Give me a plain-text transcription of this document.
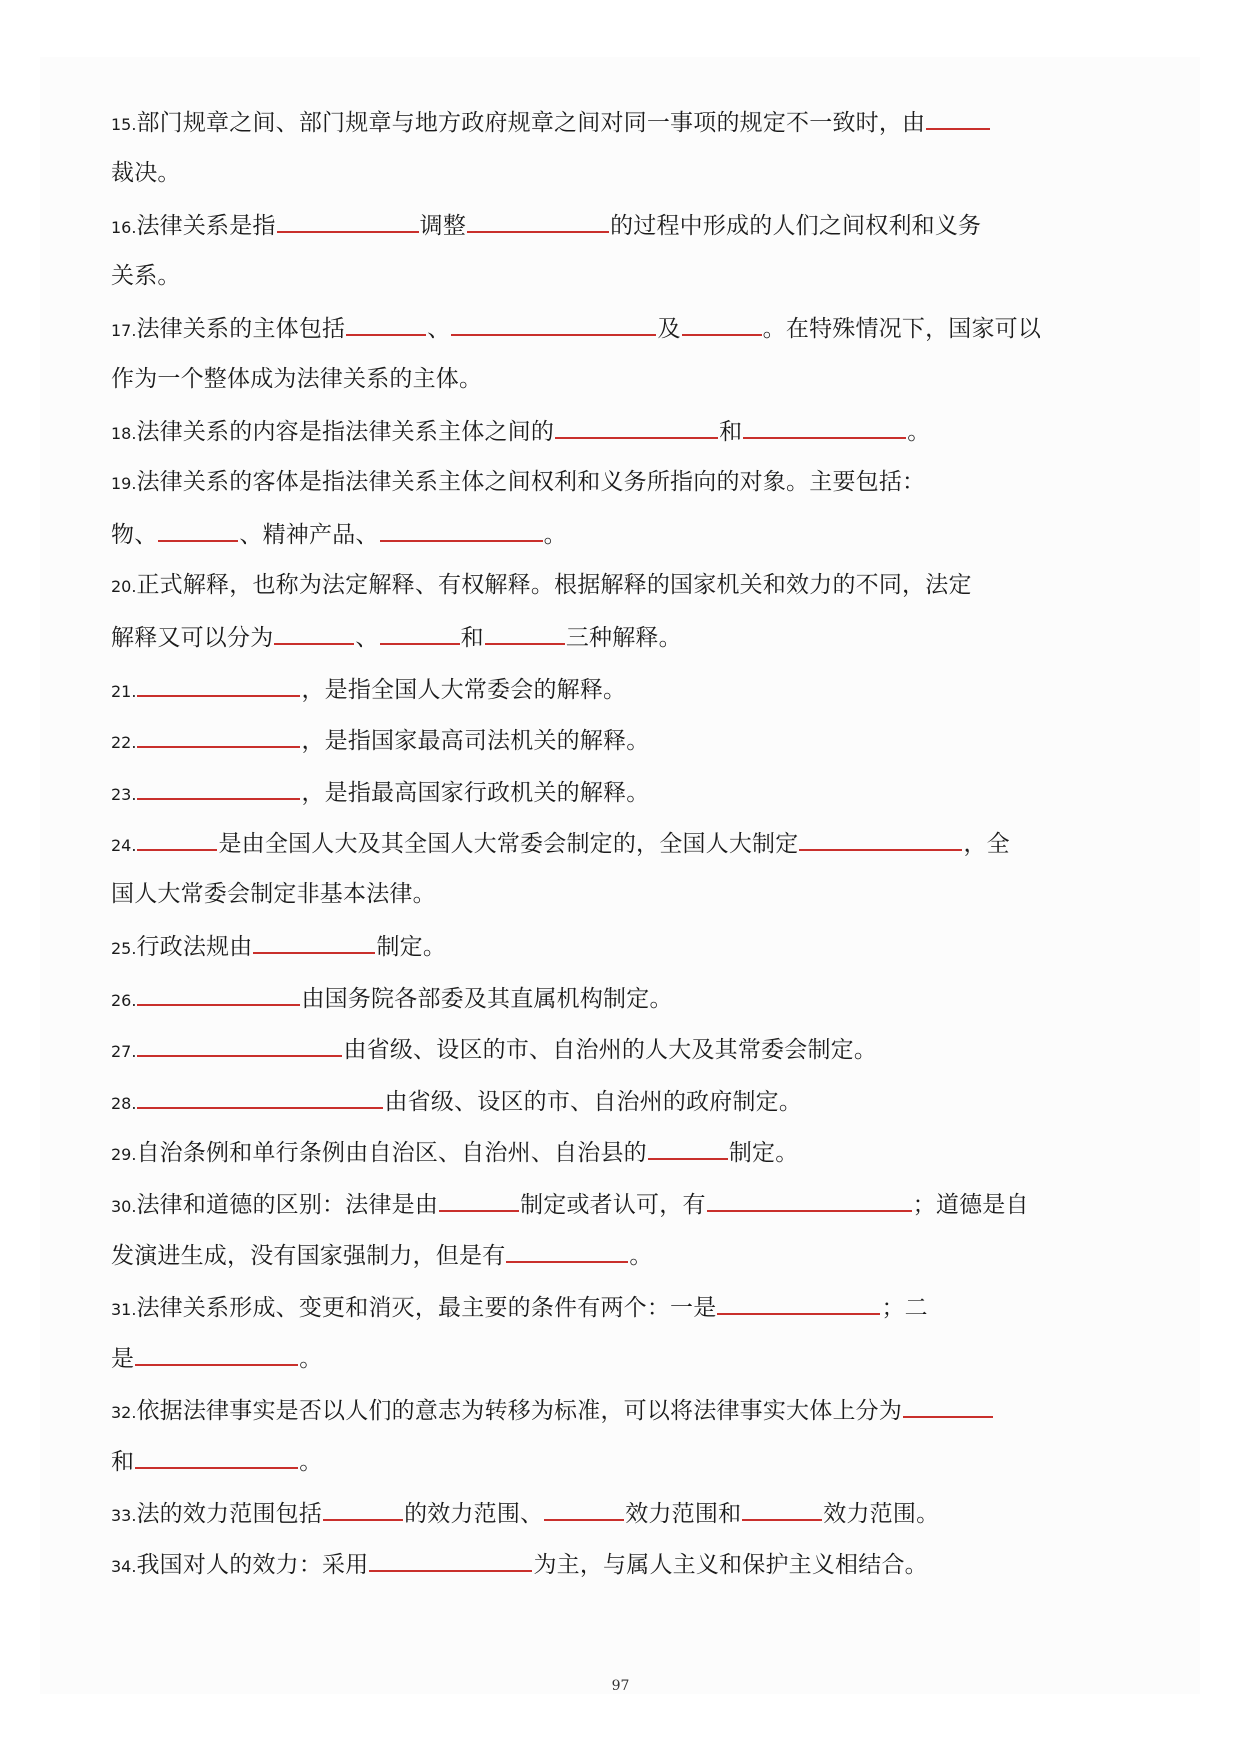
15.部门规章之间、部门规章与地方政府规章之间对同一事项的规定不一致时，由
裁决。
16.法律关系是指	调整	的过程中形成的人们之间权利和义务
关系。
17.法律关系的主体包括	、	及	。在特殊情况下，国家可以
作为一个整体成为法律关系的主体。
18.法律关系的内容是指法律关系主体之间的	和	。
19.法律关系的客体是指法律关系主体之间权利和义务所指向的对象。主要包括：
物、	、精神产品、	。
20.正式解释，也称为法定解释、有权解释。根据解释的国家机关和效力的不同，法定
解释又可以分为	、	和	三种解释。
21.	，是指全国人大常委会的解释。
22.	，是指国家最高司法机关的解释。
23.	，是指最高国家行政机关的解释。
24.	是由全国人大及其全国人大常委会制定的，全国人大制定	，全
国人大常委会制定非基本法律。
25.行政法规由	制定。
26.	由国务院各部委及其直属机构制定。
27.	由省级、设区的市、自治州的人大及其常委会制定。
28.	由省级、设区的市、自治州的政府制定。
29.自治条例和单行条例由自治区、自治州、自治县的	制定。
30.法律和道德的区别：法律是由	制定或者认可，有	；道德是自
发演进生成，没有国家强制力，但是有	。
31.法律关系形成、变更和消灭，最主要的条件有两个：一是	；二
是	。
32.依据法律事实是否以人们的意志为转移为标准，可以将法律事实大体上分为
和	。
33.法的效力范围包括	的效力范围、	效力范围和	效力范围。
34.我国对人的效力：采用	为主，与属人主义和保护主义相结合。
97
